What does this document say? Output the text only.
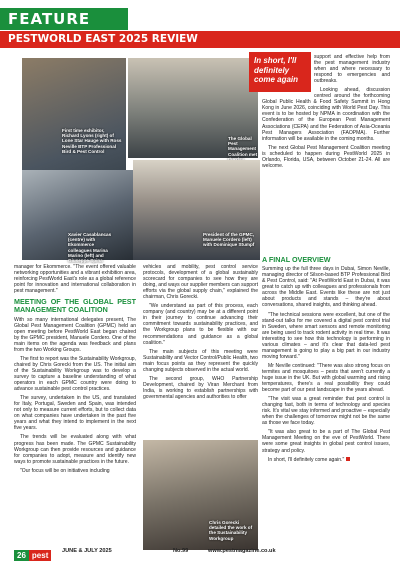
FEATURE
PESTWORLD EAST 2025 REVIEW
First time exhibitor, Richard Lyons (right) of Lone Star Hauge with Ross Neville BTP Professional Bird & Pest Control
The Global Pest Management Coalition met
Xavier Casablancas (centre) with Ekommerce colleagues Marina Marino (left) and Giuseppe Spina
President of the GPMC, Manuele Cordero (left) with Dominique Stumpf
Chris Gorecki detailed the work of the Sustainability Workgroup
In short, I'll definitely come again

support and effective help from the pest management industry when and where necessary to respond to emergencies and outbreaks.

Looking ahead, discussion centred around the forthcoming Global Public Health & Food Safety Summit in Hong Kong in June 2026, coinciding with World Pest Day. This event is to be hosted by NPMA in coordination with the Confederation of the European Pest Management Associations (CEPA) and the Federation of Asia-Oceania Pest Managers Association (FAOPMA). Further information will be available in the coming months.

The next Global Pest Management Coalition meeting is scheduled to happen during PestWorld 2025 in Orlando, Florida, USA, between October 21-24. All are welcome.

A FINAL OVERVIEW

Summing up the full three days in Dubai, Simon Neville, managing director of Silson-based BTP Professional Bird & Pest Control, said: "At PestWorld East in Dubai, it was great to catch up with colleagues and professionals from across the Middle East. Events like these are not just about products and stands – they're about conversations, shared insights, and thinking ahead.

"The technical sessions were excellent, but one of the stand-out talks for me covered a digital pest control trial in Sweden, where smart sensors and remote monitoring are being used to track rodent activity in real time. It was interesting to see how this technology is performing in various climates – and it's clear that data-led pest management is going to play a big part in our industry moving forward."

Mr Neville continued: "There was also strong focus on termites and mosquitoes – pests that aren't currently a huge issue in the UK. But with global warming and rising temperatures, there's a real possibility they could become part of our pest landscape in the years ahead.

"The visit was a great reminder that pest control is changing fast, both in terms of technology and species risk. It's vital we stay informed and proactive – especially when the challenges of tomorrow might not be the same as those we face today.

"It was also great to be a part of The Global Pest Management Meeting on the eve of PestWorld. There were some great insights in global pest control issues, strategy and policy.

In short, I'll definitely come again."

manager for Ekommerce. "The event offered valuable networking opportunities and a vibrant exhibition area, reinforcing PestWorld East's role as a global reference point for innovation and international collaboration in pest management."

MEETING OF THE GLOBAL PEST MANAGEMENT COALITION

With so many international delegates present, The Global Pest Management Coalition (GPMC) held an open meeting before PestWorld East began chaired by the GPMC president, Manuele Cordero. One of the main items on the agenda was feedback and plans from the two Working Groups.

The first to report was the Sustainability Workgroup, chaired by Chris Gorecki from the US. The initial aim of the Sustainability Workgroup was to develop a survey to capture a baseline understanding of what operators in each GPMC country were doing to advance sustainable pest control practices.

The survey, undertaken in the US, and translated for Italy, Portugal, Sweden and Spain, was intended not only to measure current efforts, but to collect data on what companies have undertaken in the past five years and what they intend to implement in the next five years.

The trends will be evaluated along with what progress has been made. The GPMC Sustainability Workgroup can then provide resources and guidance for companies to adopt, measure and identify new ways to promote sustainable practices in the future.

"Our focus will be on initiatives including

vehicles and mobility, pest control service protocols, development of a global sustainably scorecard for companies to see how they are doing, and ways our supplier members can support efforts via the global supply chain," explained the chairman, Chris Gorecki.

"We understand as part of this process, each company (and country) may be at a different point in their journey to continue advancing their commitment towards sustainability practices, and the Workgroup plans to be flexible with our recommendations and guidance as a global coalition."

The main subjects of this meeting were Sustainability and Vector Control/Public Health, two main focus points as they represent the quickly changing subjects observed in the actual world.

The second group, WHO Partnership Development, chaired by Viran Merchant from India, is working to establish partnerships with governmental agencies and authorities to offer

26 pest	JUNE & JULY 2025	No.99	www.pestmagazine.co.uk
